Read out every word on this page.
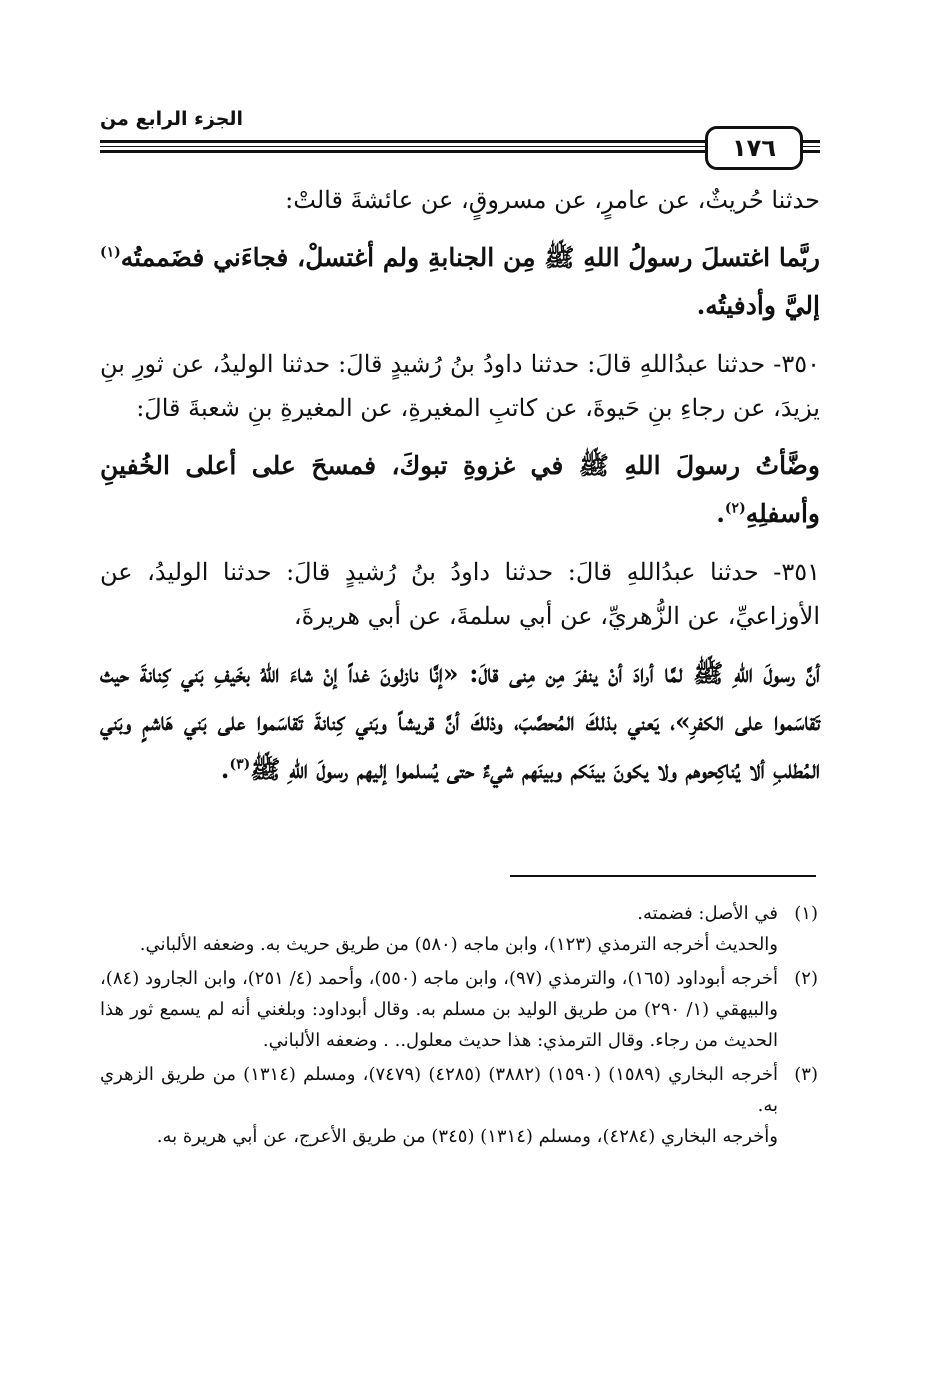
الجزء الرابع من
١٧٦

حدثنا حُريثٌ، عن عامرٍ، عن مسروقٍ، عن عائشةَ قالتْ:

ربَّما اغتسلَ رسولُ اللهِ ﷺ مِن الجنابةِ ولم أغتسلْ، فجاءَني فضَممتُه$^{(١)}$ إليَّ وأدفيتُه.

٣٥٠- حدثنا عبدُاللهِ قالَ: حدثنا داودُ بنُ رُشيدٍ قالَ: حدثنا الوليدُ، عن ثورِ بنِ يزيدَ، عن رجاءِ بنِ حَيوةَ، عن كاتبِ المغيرةِ، عن المغيرةِ بنِ شعبةَ قالَ:

وضَّأتُ رسولَ اللهِ ﷺ في غزوةِ تبوكَ، فمسحَ على أعلى الخُفينِ وأسفلِهِ$^{(٢)}$.

٣٥١- حدثنا عبدُاللهِ قالَ: حدثنا داودُ بنُ رُشيدٍ قالَ: حدثنا الوليدُ، عن الأوزاعيِّ، عن الزُّهريِّ، عن أبي سلمةَ، عن أبي هريرةَ،

أنَّ رسولَ اللهِ ﷺ لمَّا أرادَ أنْ ينفرَ مِن مِنى قالَ: «إنَّا نازلونَ غداً إنْ شاءَ اللهُ بخَيفِ بَني كِنانةَ حيث تَقاسَموا على الكفرِ»، يَعني بذلكَ المُحصَّبَ، وذلكَ أنَّ قريشاً وبَني كِنانةَ تَقاسَموا على بَني هَاشمٍ وبَني المُطلبِ ألا يُناكِحوهم ولا يكونَ بينَكم وبينَهم شيءٌ حتى يُسلموا إليهم رسولَ اللهِ ﷺ$^{(٣)}$.

(١)

في الأصل: فضمته.

والحديث أخرجه الترمذي (١٢٣)، وابن ماجه (٥٨٠) من طريق حريث به. وضعفه الألباني.

(٢)

أخرجه أبوداود (١٦٥)، والترمذي (٩٧)، وابن ماجه (٥٥٠)، وأحمد (٤/ ٢٥١)، وابن الجارود (٨٤)، والبيهقي (١/ ٢٩٠) من طريق الوليد بن مسلم به. وقال أبوداود: وبلغني أنه لم يسمع ثور هذا الحديث من رجاء. وقال الترمذي: هذا حديث معلول.. . وضعفه الألباني.

(٣)

أخرجه البخاري (١٥٨٩) (١٥٩٠) (٣٨٨٢) (٤٢٨٥) (٧٤٧٩)، ومسلم (١٣١٤) من طريق الزهري به.

وأخرجه البخاري (٤٢٨٤)، ومسلم (١٣١٤) (٣٤٥) من طريق الأعرج، عن أبي هريرة به.
